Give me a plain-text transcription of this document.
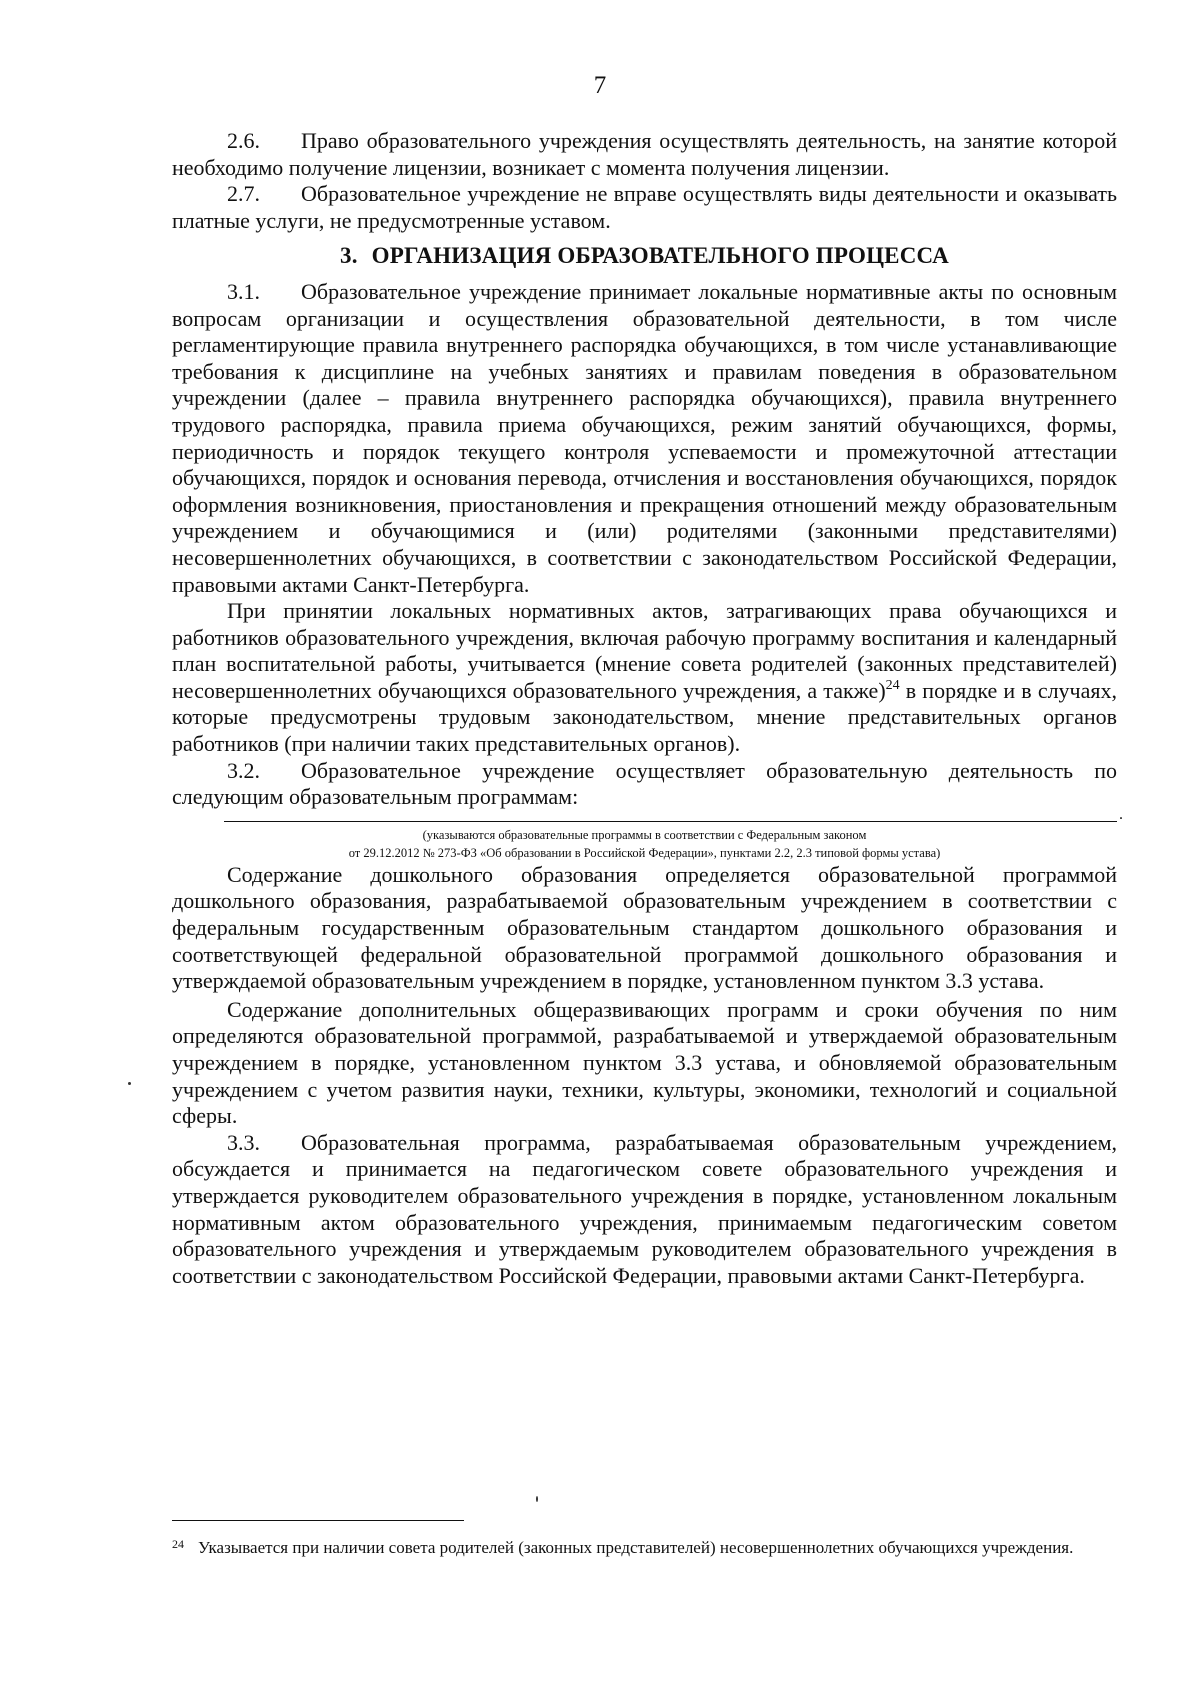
7

2.6. Право образовательного учреждения осуществлять деятельность, на занятие которой необходимо получение лицензии, возникает с момента получения лицензии.

2.7. Образовательное учреждение не вправе осуществлять виды деятельности и оказывать платные услуги, не предусмотренные уставом.

3. ОРГАНИЗАЦИЯ ОБРАЗОВАТЕЛЬНОГО ПРОЦЕССА

3.1. Образовательное учреждение принимает локальные нормативные акты по основным вопросам организации и осуществления образовательной деятельности, в том числе регламентирующие правила внутреннего распорядка обучающихся, в том числе устанавливающие требования к дисциплине на учебных занятиях и правилам поведения в образовательном учреждении (далее – правила внутреннего распорядка обучающихся), правила внутреннего трудового распорядка, правила приема обучающихся, режим занятий обучающихся, формы, периодичность и порядок текущего контроля успеваемости и промежуточной аттестации обучающихся, порядок и основания перевода, отчисления и восстановления обучающихся, порядок оформления возникновения, приостановления и прекращения отношений между образовательным учреждением и обучающимися и (или) родителями (законными представителями) несовершеннолетних обучающихся, в соответствии с законодательством Российской Федерации, правовыми актами Санкт-Петербурга.

При принятии локальных нормативных актов, затрагивающих права обучающихся и работников образовательного учреждения, включая рабочую программу воспитания и календарный план воспитательной работы, учитывается (мнение совета родителей (законных представителей) несовершеннолетних обучающихся образовательного учреждения, а также)$^{24}$ в порядке и в случаях, которые предусмотрены трудовым законодательством, мнение представительных органов работников (при наличии таких представительных органов).

3.2. Образовательное учреждение осуществляет образовательную деятельность по следующим образовательным программам:

.
(указываются образовательные программы в соответствии с Федеральным законом
от 29.12.2012 № 273-ФЗ «Об образовании в Российской Федерации», пунктами 2.2, 2.3 типовой формы устава)

Содержание дошкольного образования определяется образовательной программой дошкольного образования, разрабатываемой образовательным учреждением в соответствии с федеральным государственным образовательным стандартом дошкольного образования и соответствующей федеральной образовательной программой дошкольного образования и утверждаемой образовательным учреждением в порядке, установленном пунктом 3.3 устава.

Содержание дополнительных общеразвивающих программ и сроки обучения по ним определяются образовательной программой, разрабатываемой и утверждаемой образовательным учреждением в порядке, установленном пунктом 3.3 устава, и обновляемой образовательным учреждением с учетом развития науки, техники, культуры, экономики, технологий и социальной сферы.

3.3. Образовательная программа, разрабатываемая образовательным учреждением, обсуждается и принимается на педагогическом совете образовательного учреждения и утверждается руководителем образовательного учреждения в порядке, установленном локальным нормативным актом образовательного учреждения, принимаемым педагогическим советом образовательного учреждения и утверждаемым руководителем образовательного учреждения в соответствии с законодательством Российской Федерации, правовыми актами Санкт-Петербурга.

24 Указывается при наличии совета родителей (законных представителей) несовершеннолетних обучающихся учреждения.
